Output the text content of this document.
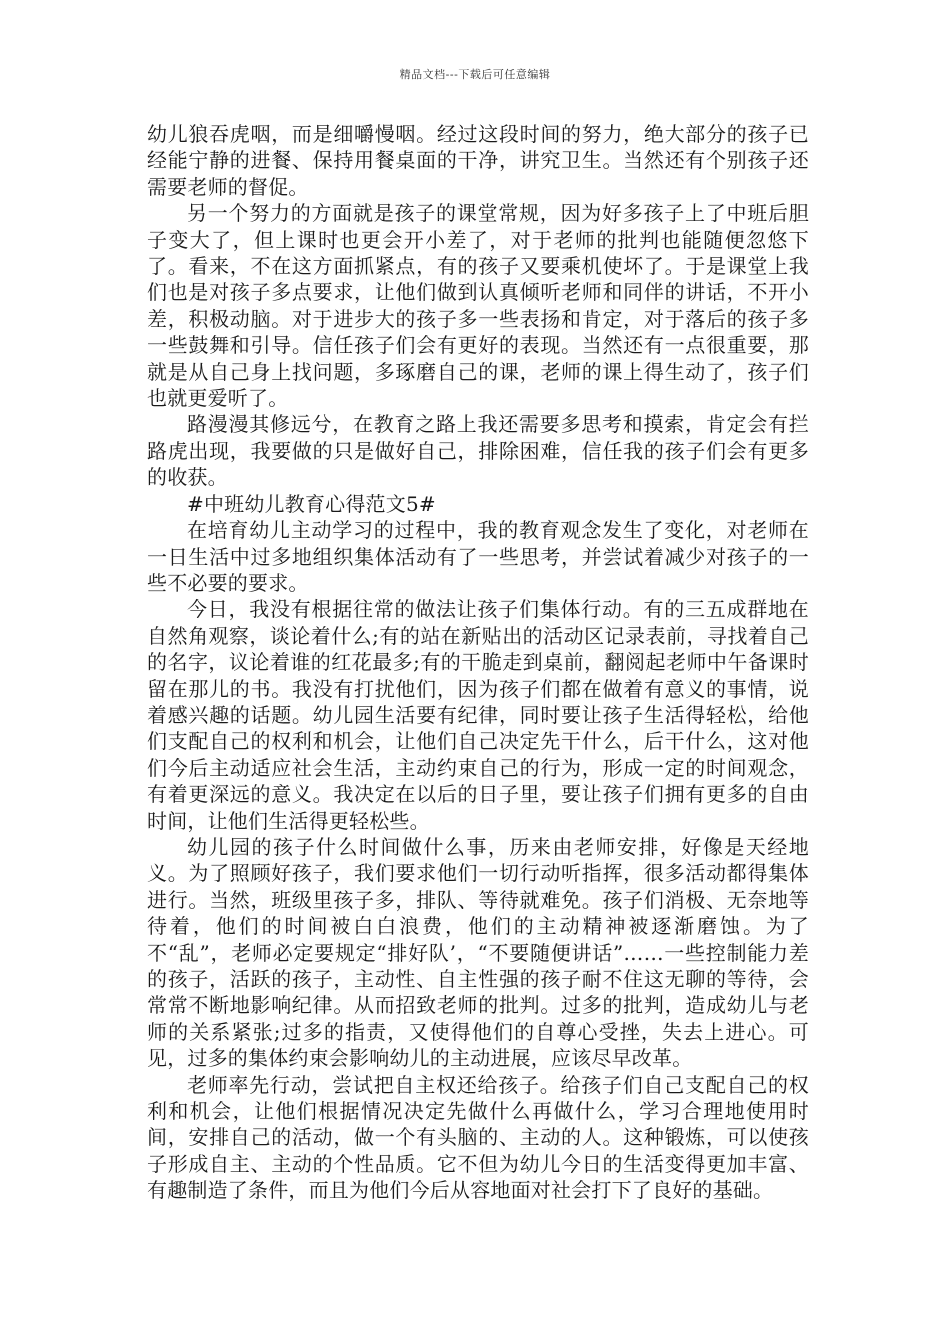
精品文档---下载后可任意编辑

幼儿狼吞虎咽，而是细嚼慢咽。经过这段时间的努力，绝大部分的孩子已经能宁静的进餐、保持用餐桌面的干净，讲究卫生。当然还有个别孩子还需要老师的督促。

另一个努力的方面就是孩子的课堂常规，因为好多孩子上了中班后胆子变大了，但上课时也更会开小差了，对于老师的批判也能随便忽悠下了。看来，不在这方面抓紧点，有的孩子又要乘机使坏了。于是课堂上我们也是对孩子多点要求，让他们做到认真倾听老师和同伴的讲话，不开小差，积极动脑。对于进步大的孩子多一些表扬和肯定，对于落后的孩子多一些鼓舞和引导。信任孩子们会有更好的表现。当然还有一点很重要，那就是从自己身上找问题，多琢磨自己的课，老师的课上得生动了，孩子们也就更爱听了。

路漫漫其修远兮，在教育之路上我还需要多思考和摸索，肯定会有拦路虎出现，我要做的只是做好自己，排除困难，信任我的孩子们会有更多的收获。

#中班幼儿教育心得范文5#

在培育幼儿主动学习的过程中，我的教育观念发生了变化，对老师在一日生活中过多地组织集体活动有了一些思考，并尝试着减少对孩子的一些不必要的要求。

今日，我没有根据往常的做法让孩子们集体行动。有的三五成群地在自然角观察，谈论着什么;有的站在新贴出的活动区记录表前，寻找着自己的名字，议论着谁的红花最多;有的干脆走到桌前，翻阅起老师中午备课时留在那儿的书。我没有打扰他们，因为孩子们都在做着有意义的事情，说着感兴趣的话题。幼儿园生活要有纪律，同时要让孩子生活得轻松，给他们支配自己的权利和机会，让他们自己决定先干什么，后干什么，这对他们今后主动适应社会生活，主动约束自己的行为，形成一定的时间观念，有着更深远的意义。我决定在以后的日子里，要让孩子们拥有更多的自由时间，让他们生活得更轻松些。

幼儿园的孩子什么时间做什么事，历来由老师安排，好像是天经地义。为了照顾好孩子，我们要求他们一切行动听指挥，很多活动都得集体进行。当然，班级里孩子多，排队、等待就难免。孩子们消极、无奈地等待着，他们的时间被白白浪费，他们的主动精神被逐渐磨蚀。为了不“乱”，老师必定要规定“排好队’，“不要随便讲话”……一些控制能力差的孩子，活跃的孩子，主动性、自主性强的孩子耐不住这无聊的等待，会常常不断地影响纪律。从而招致老师的批判。过多的批判，造成幼儿与老师的关系紧张;过多的指责，又使得他们的自尊心受挫，失去上进心。可见，过多的集体约束会影响幼儿的主动进展，应该尽早改革。

老师率先行动，尝试把自主权还给孩子。给孩子们自己支配自己的权利和机会，让他们根据情况决定先做什么再做什么，学习合理地使用时间，安排自己的活动，做一个有头脑的、主动的人。这种锻炼，可以使孩子形成自主、主动的个性品质。它不但为幼儿今日的生活变得更加丰富、有趣制造了条件，而且为他们今后从容地面对社会打下了良好的基础。
